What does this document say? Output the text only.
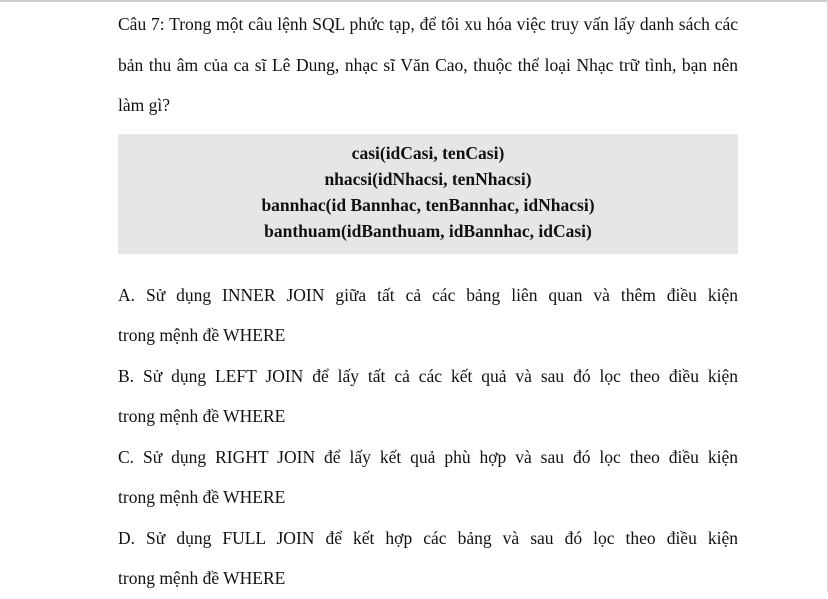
Câu 7: Trong một câu lệnh SQL phức tạp, để tôi xu hóa việc truy vấn lấy danh sách các bản thu âm của ca sĩ Lê Dung, nhạc sĩ Văn Cao, thuộc thể loại Nhạc trữ tình, bạn nên làm gì?

casi(idCasi, tenCasi)
nhacsi(idNhacsi, tenNhacsi)
bannhac(id Bannhac, tenBannhac, idNhacsi)
banthuam(idBanthuam, idBannhac, idCasi)

A. Sử dụng INNER JOIN giữa tất cả các bảng liên quan và thêm điều kiện
trong mệnh đề WHERE

B. Sử dụng LEFT JOIN để lấy tất cả các kết quả và sau đó lọc theo điều kiện
trong mệnh đề WHERE

C. Sử dụng RIGHT JOIN để lấy kết quả phù hợp và sau đó lọc theo điều kiện
trong mệnh đề WHERE

D. Sử dụng FULL JOIN để kết hợp các bảng và sau đó lọc theo điều kiện
trong mệnh đề WHERE
